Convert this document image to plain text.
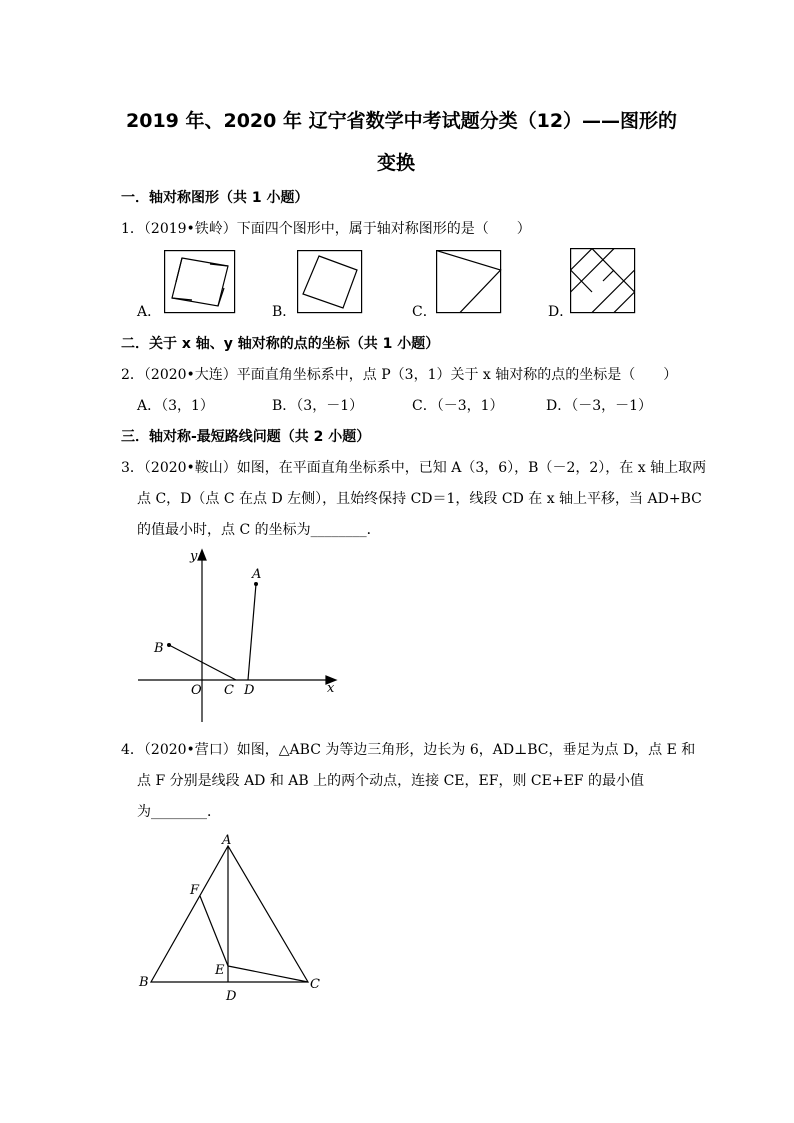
2019 年、2020 年 辽宁省数学中考试题分类（12）——图形的
变换
一．轴对称图形（共 1 小题）
1．（2019•铁岭）下面四个图形中，属于轴对称图形的是（　　）
A．	B．	C．	D．
二．关于 x 轴、y 轴对称的点的坐标（共 1 小题）
2．（2020•大连）平面直角坐标系中，点 P（3，1）关于 x 轴对称的点的坐标是（　　）
A．（3，1）	B．（3，－1）	C．（－3，1）	D．（－3，－1）
三．轴对称-最短路线问题（共 2 小题）
3．（2020•鞍山）如图，在平面直角坐标系中，已知 A（3，6），B（－2，2），在 x 轴上取两
点 C，D（点 C 在点 D 左侧），且始终保持 CD＝1，线段 CD 在 x 轴上平移，当 AD+BC
的值最小时，点 C 的坐标为________．
y
x
A
B
O C D
4．（2020•营口）如图，△ABC 为等边三角形，边长为 6，AD⊥BC，垂足为点 D，点 E 和
点 F 分别是线段 AD 和 AB 上的两个动点，连接 CE，EF，则 CE+EF 的最小值
为________．
A
B	C
D
E
F
